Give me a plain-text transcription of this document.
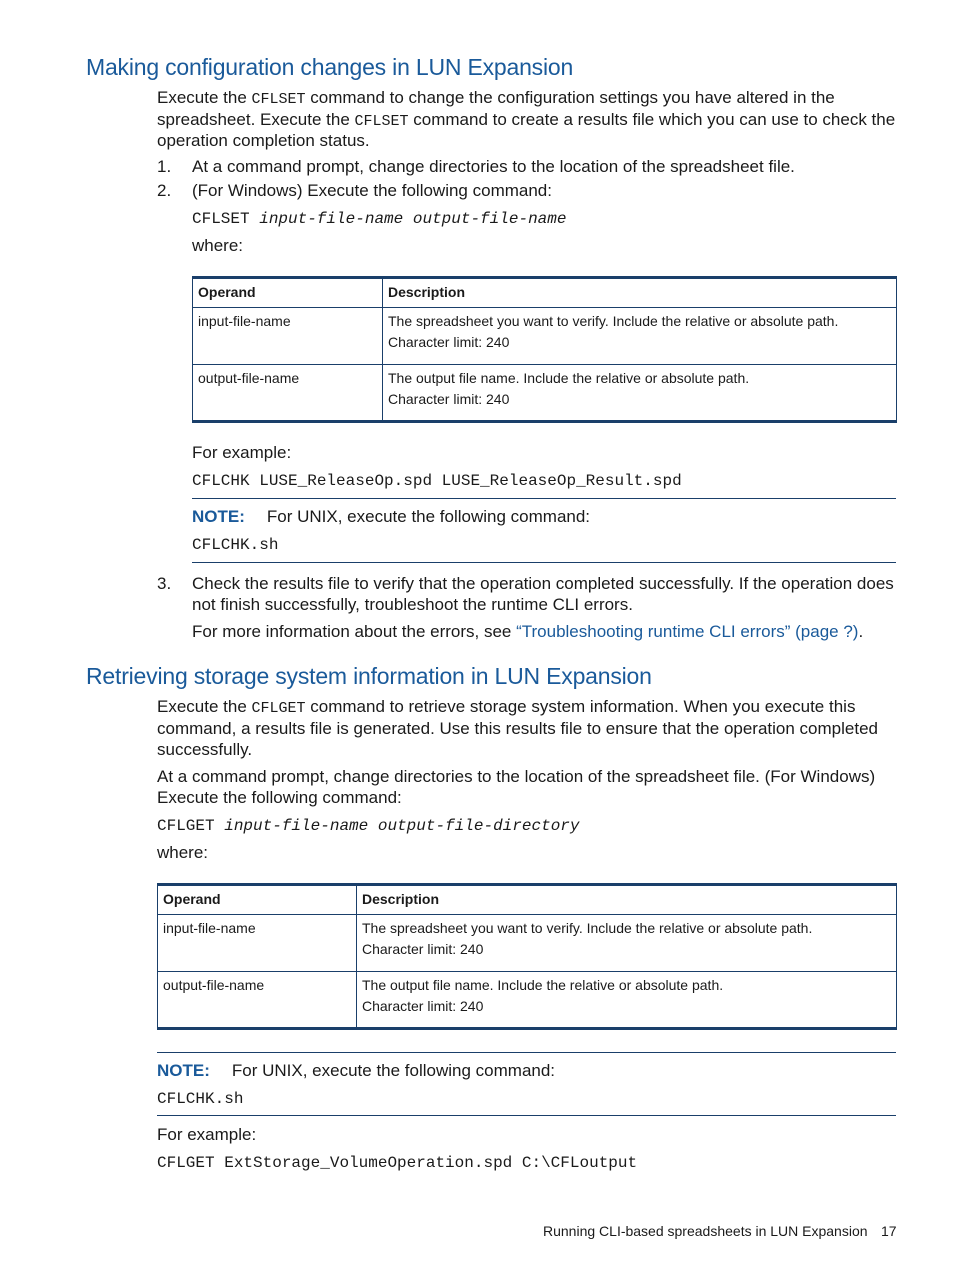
Making configuration changes in LUN Expansion

Execute the CFLSET command to change the configuration settings you have altered in the

spreadsheet. Execute the CFLSET command to create a results file which you can use to check the

operation completion status.

1. At a command prompt, change directories to the location of the spreadsheet file.

2. (For Windows) Execute the following command:

CFLSET input-file-name output-file-name

where:

Operand	Description
input-file-name	The spreadsheet you want to verify. Include the relative or absolute path.
Character limit: 240

output-file-name	The output file name. Include the relative or absolute path.
Character limit: 240

For example:

CFLCHK LUSE_ReleaseOp.spd LUSE_ReleaseOp_Result.spd

NOTE: For UNIX, execute the following command:

CFLCHK.sh
3. Check the results file to verify that the operation completed successfully. If the operation does

not finish successfully, troubleshoot the runtime CLI errors.

For more information about the errors, see “Troubleshooting runtime CLI errors” (page ?).

Retrieving storage system information in LUN Expansion

Execute the CFLGET command to retrieve storage system information. When you execute this

command, a results file is generated. Use this results file to ensure that the operation completed

successfully.

At a command prompt, change directories to the location of the spreadsheet file. (For Windows)

Execute the following command:

CFLGET input-file-name output-file-directory

where:

Operand	Description
input-file-name	The spreadsheet you want to verify. Include the relative or absolute path.
Character limit: 240

output-file-name	The output file name. Include the relative or absolute path.
Character limit: 240

NOTE: For UNIX, execute the following command:

CFLCHK.sh

For example:

CFLGET ExtStorage_VolumeOperation.spd C:\CFLoutput
Running CLI-based spreadsheets in LUN Expansion 17
